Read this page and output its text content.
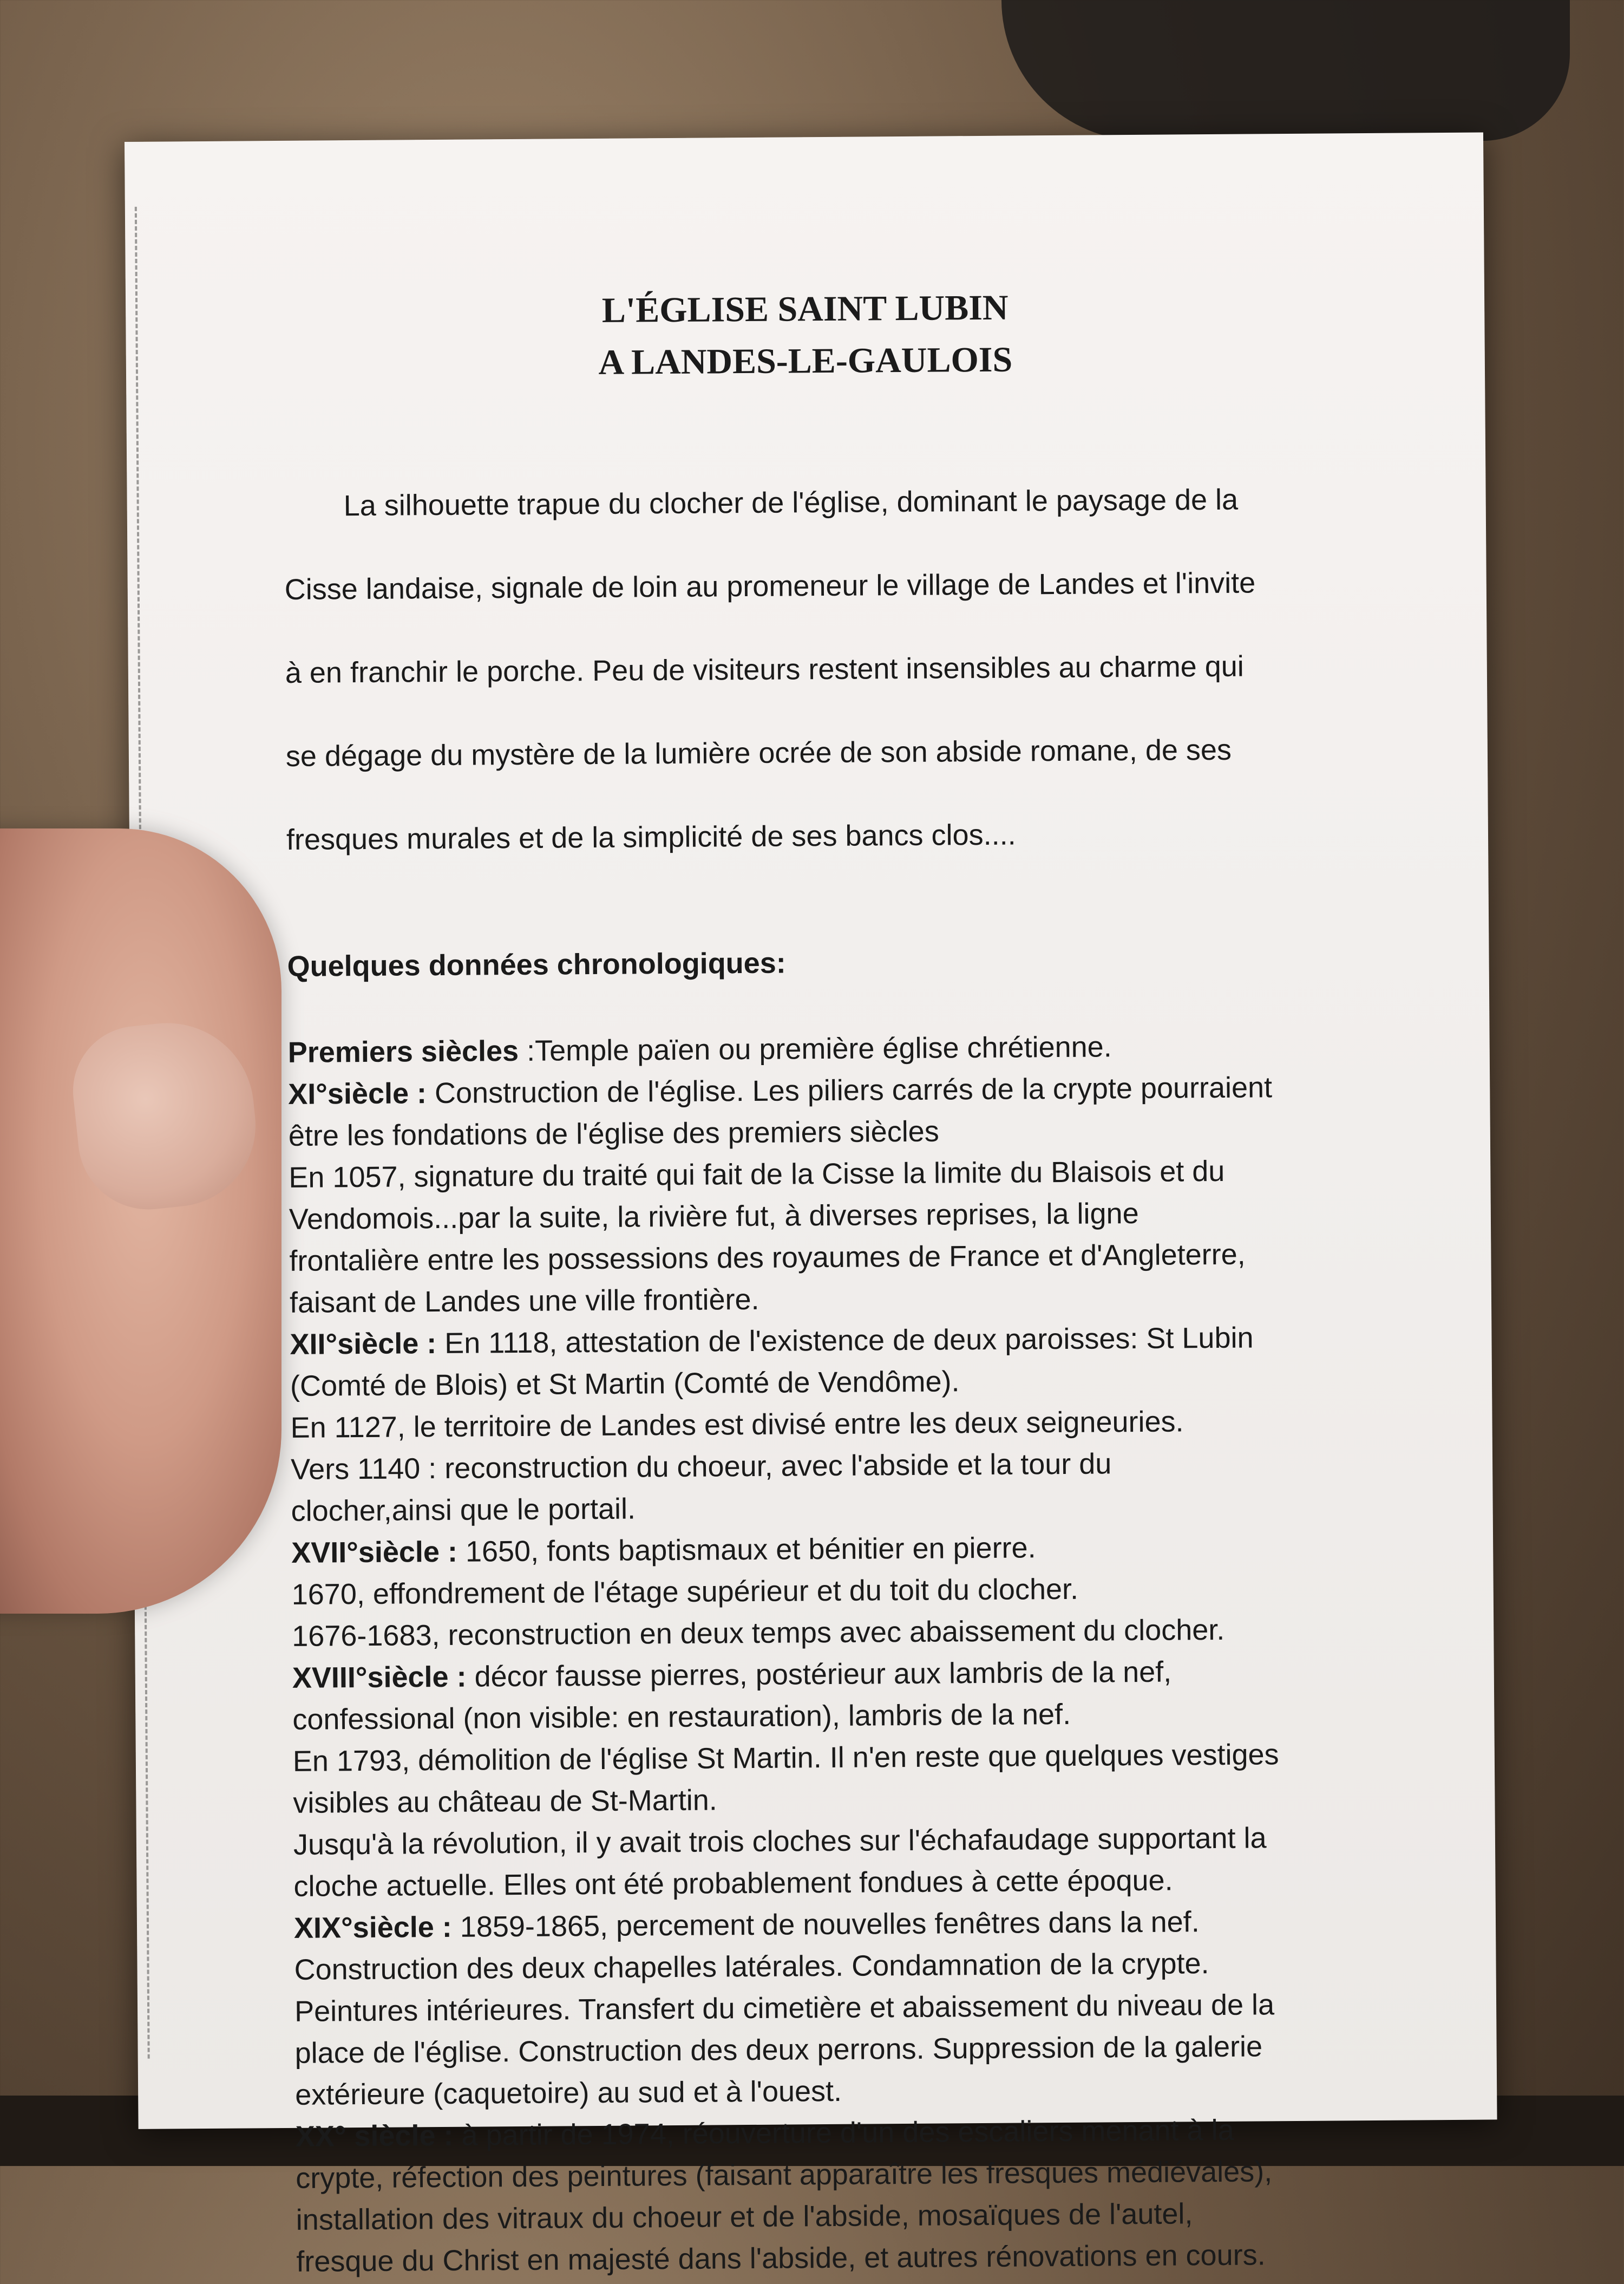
L'ÉGLISE SAINT LUBIN
A LANDES-LE-GAULOIS

La silhouette trapue du clocher de l'église, dominant le paysage de la

Cisse landaise, signale de loin au promeneur le village de Landes et l'invite

à en franchir le porche. Peu de visiteurs restent insensibles au charme qui

se dégage du mystère de la lumière ocrée de son abside romane, de ses

fresques murales et de la simplicité de ses bancs clos....

Quelques données chronologiques:
Premiers siècles :Temple païen ou première église chrétienne.
XI°siècle : Construction de l'église. Les piliers carrés de la crypte pourraient
être les fondations de l'église des premiers siècles
En 1057, signature du traité qui fait de la Cisse la limite du Blaisois et du
Vendomois...par la suite, la rivière fut, à diverses reprises, la ligne
frontalière entre les possessions des royaumes de France et d'Angleterre,
faisant de Landes une ville frontière.
XII°siècle : En 1118, attestation de l'existence de deux paroisses: St Lubin
(Comté de Blois) et St Martin (Comté de Vendôme).
En 1127, le territoire de Landes est divisé entre les deux seigneuries.
Vers 1140 : reconstruction du choeur, avec l'abside et la tour du
clocher,ainsi que le portail.
XVII°siècle : 1650, fonts baptismaux et bénitier en pierre.
1670, effondrement de l'étage supérieur et du toit du clocher.
1676-1683, reconstruction en deux temps avec abaissement du clocher.
XVIII°siècle : décor fausse pierres, postérieur aux lambris de la nef,
confessional (non visible: en restauration), lambris de la nef.
En 1793, démolition de l'église St Martin. Il n'en reste que quelques vestiges
visibles au château de St-Martin.
Jusqu'à la révolution, il y avait trois cloches sur l'échafaudage supportant la
cloche actuelle. Elles ont été probablement fondues à cette époque.
XIX°siècle : 1859-1865, percement de nouvelles fenêtres dans la nef.
Construction des deux chapelles latérales. Condamnation de la crypte.
Peintures intérieures. Transfert du cimetière et abaissement du niveau de la
place de l'église. Construction des deux perrons. Suppression de la galerie
extérieure (caquetoire) au sud et à l'ouest.
XX° siècle : à partir de 1974, réouverture d'un des escaliers menant à la
crypte, réfection des peintures (faisant apparaître les fresques médiévales),
installation des vitraux du choeur et de l'abside, mosaïques de l'autel,
fresque du Christ en majesté dans l'abside, et autres rénovations en cours.
